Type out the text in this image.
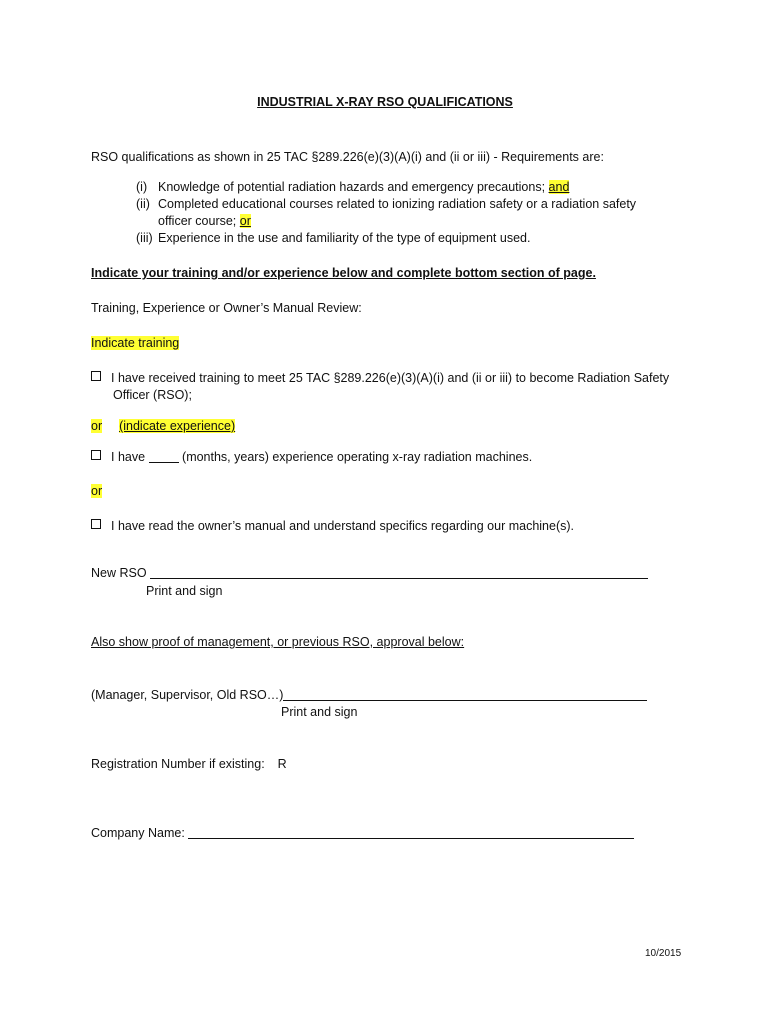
INDUSTRIAL X-RAY RSO QUALIFICATIONS
RSO qualifications as shown in 25 TAC §289.226(e)(3)(A)(i) and (ii or iii) - Requirements are:
(i) Knowledge of potential radiation hazards and emergency precautions; and
(ii) Completed educational courses related to ionizing radiation safety or a radiation safety
officer course; or
(iii) Experience in the use and familiarity of the type of equipment used.
Indicate your training and/or experience below and complete bottom section of page.
Training, Experience or Owner’s Manual Review:
Indicate training
I have received training to meet 25 TAC §289.226(e)(3)(A)(i) and (ii or iii) to become Radiation Safety
Officer (RSO);
or (indicate experience)
I have	(months, years) experience operating x-ray radiation machines.
or
I have read the owner’s manual and understand specifics regarding our machine(s).
New RSO
Print and sign
Also show proof of management, or previous RSO, approval below:
(Manager, Supervisor, Old RSO…)
Print and sign
Registration Number if existing: R
Company Name:
10/2015
